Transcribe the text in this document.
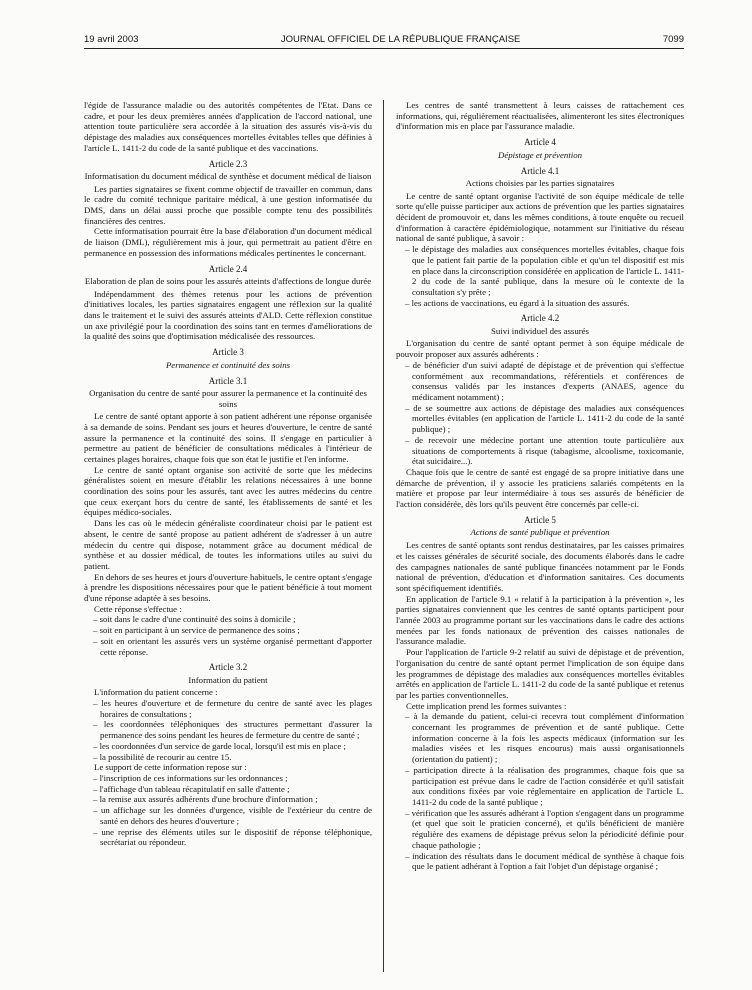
19 avril 2003	JOURNAL OFFICIEL DE LA RÉPUBLIQUE FRANÇAISE	7099

l'égide de l'assurance maladie ou des autorités compétentes de l'Etat. Dans ce cadre, et pour les deux premières années d'application de l'accord national, une attention toute particulière sera accordée à la situation des assurés vis-à-vis du dépistage des maladies aux conséquences mortelles évitables telles que définies à l'article L. 1411-2 du code de la santé publique et des vaccinations.

Article 2.3
Informatisation du document médical de synthèse et document médical de liaison

Les parties signataires se fixent comme objectif de travailler en commun, dans le cadre du comité technique paritaire médical, à une gestion informatisée du DMS, dans un délai aussi proche que possible compte tenu des possibilités financières des centres.

Cette informatisation pourrait être la base d'élaboration d'un document médical de liaison (DML), régulièrement mis à jour, qui permettrait au patient d'être en permanence en possession des informations médicales pertinentes le concernant.

Article 2.4
Elaboration de plan de soins pour les assurés atteints d'affections de longue durée

Indépendamment des thèmes retenus pour les actions de prévention d'initiatives locales, les parties signataires engagent une réflexion sur la qualité dans le traitement et le suivi des assurés atteints d'ALD. Cette réflexion constitue un axe privilégié pour la coordination des soins tant en termes d'améliorations de la qualité des soins que d'optimisation médicalisée des ressources.

Article 3
Permanence et continuité des soins
Article 3.1
Organisation du centre de santé pour assurer la permanence et la continuité des soins

Le centre de santé optant apporte à son patient adhérent une réponse organisée à sa demande de soins. Pendant ses jours et heures d'ouverture, le centre de santé assure la permanence et la continuité des soins. Il s'engage en particulier à permettre au patient de bénéficier de consultations médicales à l'intérieur de certaines plages horaires, chaque fois que son état le justifie et l'en informe.

Le centre de santé optant organise son activité de sorte que les médecins généralistes soient en mesure d'établir les relations nécessaires à une bonne coordination des soins pour les assurés, tant avec les autres médecins du centre que ceux exerçant hors du centre de santé, les établissements de santé et les équipes médico-sociales.

Dans les cas où le médecin généraliste coordinateur choisi par le patient est absent, le centre de santé propose au patient adhérent de s'adresser à un autre médecin du centre qui dispose, notamment grâce au document médical de synthèse et au dossier médical, de toutes les informations utiles au suivi du patient.

En dehors de ses heures et jours d'ouverture habituels, le centre optant s'engage à prendre les dispositions nécessaires pour que le patient bénéficie à tout moment d'une réponse adaptée à ses besoins.

Cette réponse s'effectue :

– soit dans le cadre d'une continuité des soins à domicile ;
– soit en participant à un service de permanence des soins ;
– soit en orientant les assurés vers un système organisé permettant d'apporter cette réponse.
Article 3.2
Information du patient

L'information du patient concerne :

– les heures d'ouverture et de fermeture du centre de santé avec les plages horaires de consultations ;
– les coordonnées téléphoniques des structures permettant d'assurer la permanence des soins pendant les heures de fermeture du centre de santé ;
– les coordonnées d'un service de garde local, lorsqu'il est mis en place ;
– la possibilité de recourir au centre 15.

Le support de cette information repose sur :

– l'inscription de ces informations sur les ordonnances ;
– l'affichage d'un tableau récapitulatif en salle d'attente ;
– la remise aux assurés adhérents d'une brochure d'information ;
– un affichage sur les données d'urgence, visible de l'extérieur du centre de santé en dehors des heures d'ouverture ;
– une reprise des éléments utiles sur le dispositif de réponse téléphonique, secrétariat ou répondeur.

Les centres de santé transmettent à leurs caisses de rattachement ces informations, qui, régulièrement réactualisées, alimenteront les sites électroniques d'information mis en place par l'assurance maladie.

Article 4
Dépistage et prévention
Article 4.1
Actions choisies par les parties signataires

Le centre de santé optant organise l'activité de son équipe médicale de telle sorte qu'elle puisse participer aux actions de prévention que les parties signataires décident de promouvoir et, dans les mêmes conditions, à toute enquête ou recueil d'information à caractère épidémiologique, notamment sur l'initiative du réseau national de santé publique, à savoir :

– le dépistage des maladies aux conséquences mortelles évitables, chaque fois que le patient fait partie de la population cible et qu'un tel dispositif est mis en place dans la circonscription considérée en application de l'article L. 1411-2 du code de la santé publique, dans la mesure où le contexte de la consultation s'y prête ;
– les actions de vaccinations, eu égard à la situation des assurés.
Article 4.2
Suivi individuel des assurés

L'organisation du centre de santé optant permet à son équipe médicale de pouvoir proposer aux assurés adhérents :

– de bénéficier d'un suivi adapté de dépistage et de prévention qui s'effectue conformément aux recommandations, référentiels et conférences de consensus validés par les instances d'experts (ANAES, agence du médicament notamment) ;
– de se soumettre aux actions de dépistage des maladies aux conséquences mortelles évitables (en application de l'article L. 1411-2 du code de la santé publique) ;
– de recevoir une médecine portant une attention toute particulière aux situations de comportements à risque (tabagisme, alcoolisme, toxicomanie, état suicidaire...).

Chaque fois que le centre de santé est engagé de sa propre initiative dans une démarche de prévention, il y associe les praticiens salariés compétents en la matière et propose par leur intermédiaire à tous ses assurés de bénéficier de l'action considérée, dès lors qu'ils peuvent être concernés par celle-ci.

Article 5
Actions de santé publique et prévention

Les centres de santé optants sont rendus destinataires, par les caisses primaires et les caisses générales de sécurité sociale, des documents élaborés dans le cadre des campagnes nationales de santé publique financées notamment par le Fonds national de prévention, d'éducation et d'information sanitaires. Ces documents sont spécifiquement identifiés.

En application de l'article 9.1 « relatif à la participation à la prévention », les parties signataires conviennent que les centres de santé optants participent pour l'année 2003 au programme portant sur les vaccinations dans le cadre des actions menées par les fonds nationaux de prévention des caisses nationales de l'assurance maladie.

Pour l'application de l'article 9-2 relatif au suivi de dépistage et de prévention, l'organisation du centre de santé optant permet l'implication de son équipe dans les programmes de dépistage des maladies aux conséquences mortelles évitables arrêtés en application de l'article L. 1411-2 du code de la santé publique et retenus par les parties conventionnelles.

Cette implication prend les formes suivantes :

– à la demande du patient, celui-ci recevra tout complément d'information concernant les programmes de prévention et de santé publique. Cette information concerne à la fois les aspects médicaux (information sur les maladies visées et les risques encourus) mais aussi organisationnels (orientation du patient) ;
– participation directe à la réalisation des programmes, chaque fois que sa participation est prévue dans le cadre de l'action considérée et qu'il satisfait aux conditions fixées par voie réglementaire en application de l'article L. 1411-2 du code de la santé publique ;
– vérification que les assurés adhérant à l'option s'engagent dans un programme (et quel que soit le praticien concerné), et qu'ils bénéficient de manière régulière des examens de dépistage prévus selon la périodicité définie pour chaque pathologie ;
– indication des résultats dans le document médical de synthèse à chaque fois que le patient adhérant à l'option a fait l'objet d'un dépistage organisé ;
